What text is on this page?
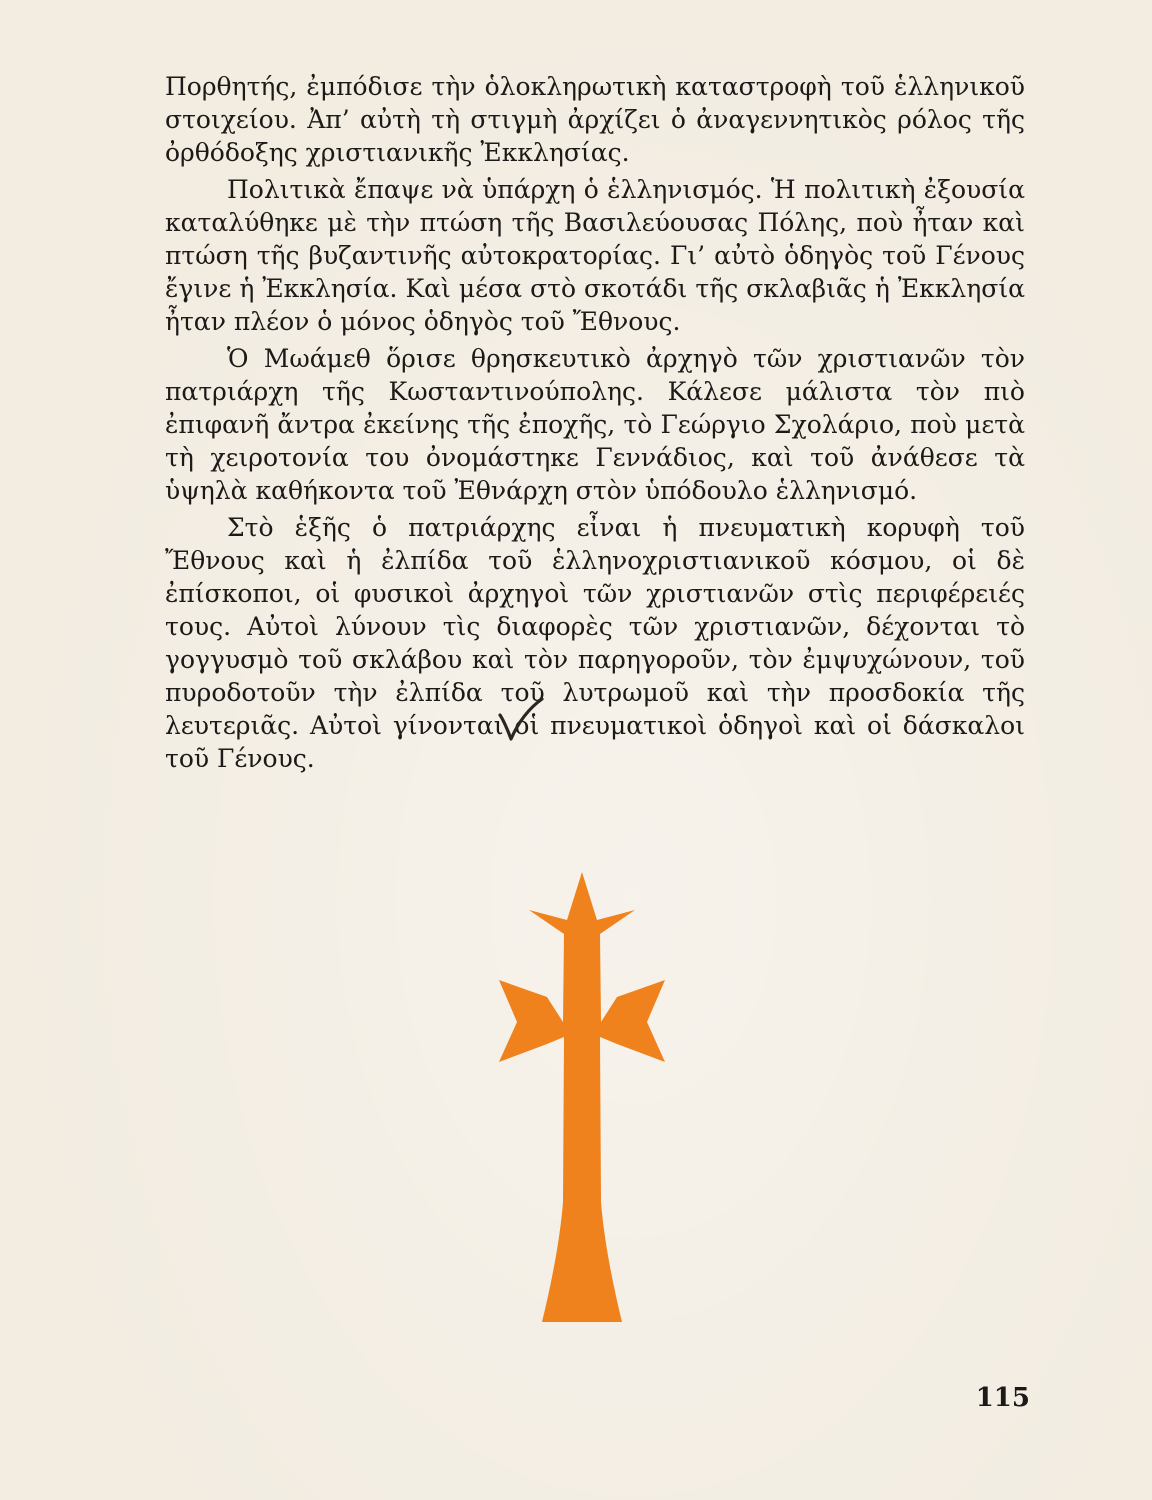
Πορθητής, ἐμπόδισε τὴν ὁλοκληρωτικὴ καταστροφὴ τοῦ ἑλληνικοῦ στοιχείου. Ἀπ’ αὐτὴ τὴ στιγμὴ ἀρχίζει ὁ ἀναγεννητικὸς ρόλος τῆς ὀρθόδοξης χριστιανικῆς Ἐκκλησίας.

Πολιτικὰ ἔπαψε νὰ ὑπάρχη ὁ ἑλληνισμός. Ἡ πολιτικὴ ἐξουσία καταλύθηκε μὲ τὴν πτώση τῆς Βασιλεύουσας Πόλης, ποὺ ἦταν καὶ πτώση τῆς βυζαντινῆς αὐτοκρατορίας. Γι’ αὐτὸ ὁδηγὸς τοῦ Γένους ἔγινε ἡ Ἐκκλησία. Καὶ μέσα στὸ σκοτάδι τῆς σκλαβιᾶς ἡ Ἐκκλησία ἦταν πλέον ὁ μόνος ὁδηγὸς τοῦ Ἔθνους.

Ὁ Μωάμεθ ὅρισε θρησκευτικὸ ἀρχηγὸ τῶν χριστιανῶν τὸν πατριάρχη τῆς Κωσταντινούπολης. Κάλεσε μάλιστα τὸν πιὸ ἐπιφανῆ ἄντρα ἐκείνης τῆς ἐποχῆς, τὸ Γεώργιο Σχολάριο, ποὺ μετὰ τὴ χειροτονία του ὀνομάστηκε Γεννάδιος, καὶ τοῦ ἀνάθεσε τὰ ὑψηλὰ καθήκοντα τοῦ Ἐθνάρχη στὸν ὑπόδουλο ἑλληνισμό.

Στὸ ἑξῆς ὁ πατριάρχης εἶναι ἡ πνευματικὴ κορυφὴ τοῦ Ἔθνους καὶ ἡ ἐλπίδα τοῦ ἑλληνοχριστιανικοῦ κόσμου, οἱ δὲ ἐπίσκοποι, οἱ φυσικοὶ ἀρχηγοὶ τῶν χριστιανῶν στὶς περιφέρειές τους. Αὐτοὶ λύνουν τὶς διαφορὲς τῶν χριστιανῶν, δέχονται τὸ γογγυσμὸ τοῦ σκλάβου καὶ τὸν παρηγοροῦν, τὸν ἐμψυχώνουν, τοῦ πυροδοτοῦν τὴν ἐλπίδα τοῦ λυτρωμοῦ καὶ τὴν προσδοκία τῆς λευτεριᾶς. Αὐτοὶ γίνονται οἱ πνευματικοὶ ὁδηγοὶ καὶ οἱ δάσκαλοι τοῦ Γένους.

115
